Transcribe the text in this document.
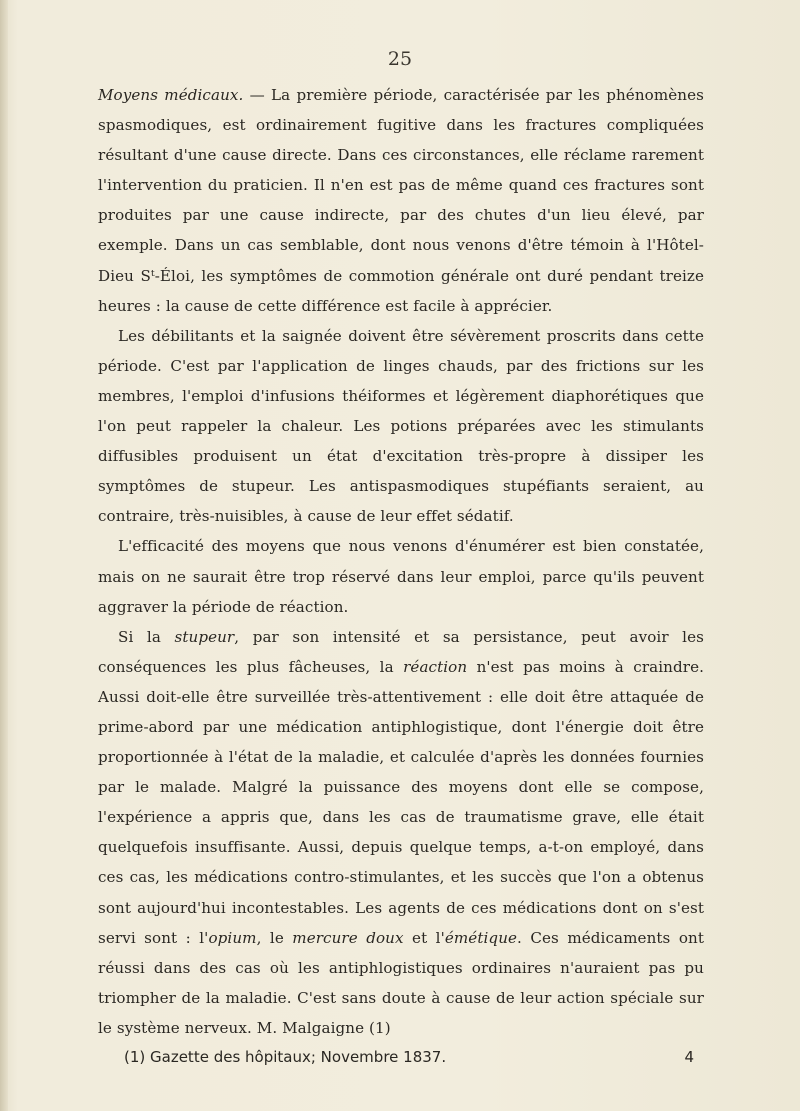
25

Moyens médicaux. — La première période, caractérisée par les phénomènes spasmodiques, est ordinairement fugitive dans les fractures compliquées résultant d'une cause directe. Dans ces circonstances, elle réclame rarement l'intervention du praticien. Il n'en est pas de même quand ces fractures sont produites par une cause indirecte, par des chutes d'un lieu élevé, par exemple. Dans un cas semblable, dont nous venons d'être témoin à l'Hôtel-Dieu Sᵗ-Éloi, les symptômes de commotion générale ont duré pendant treize heures : la cause de cette différence est facile à apprécier.

Les débilitants et la saignée doivent être sévèrement proscrits dans cette période. C'est par l'application de linges chauds, par des frictions sur les membres, l'emploi d'infusions théiformes et légèrement diaphorétiques que l'on peut rappeler la chaleur. Les potions préparées avec les stimulants diffusibles produisent un état d'excitation très-propre à dissiper les symptômes de stupeur. Les antispasmodiques stupéfiants seraient, au contraire, très-nuisibles, à cause de leur effet sédatif.

L'efficacité des moyens que nous venons d'énumérer est bien constatée, mais on ne saurait être trop réservé dans leur emploi, parce qu'ils peuvent aggraver la période de réaction.

Si la stupeur, par son intensité et sa persistance, peut avoir les conséquences les plus fâcheuses, la réaction n'est pas moins à craindre. Aussi doit-elle être surveillée très-attentivement : elle doit être attaquée de prime-abord par une médication antiphlogistique, dont l'énergie doit être proportionnée à l'état de la maladie, et calculée d'après les données fournies par le malade. Malgré la puissance des moyens dont elle se compose, l'expérience a appris que, dans les cas de traumatisme grave, elle était quelquefois insuffisante. Aussi, depuis quelque temps, a-t-on employé, dans ces cas, les médications contro-stimulantes, et les succès que l'on a obtenus sont aujourd'hui incontestables. Les agents de ces médications dont on s'est servi sont : l'opium, le mercure doux et l'émétique. Ces médicaments ont réussi dans des cas où les antiphlogistiques ordinaires n'auraient pas pu triompher de la maladie. C'est sans doute à cause de leur action spéciale sur le système nerveux. M. Malgaigne (1)

(1) Gazette des hôpitaux; Novembre 1837.	4
